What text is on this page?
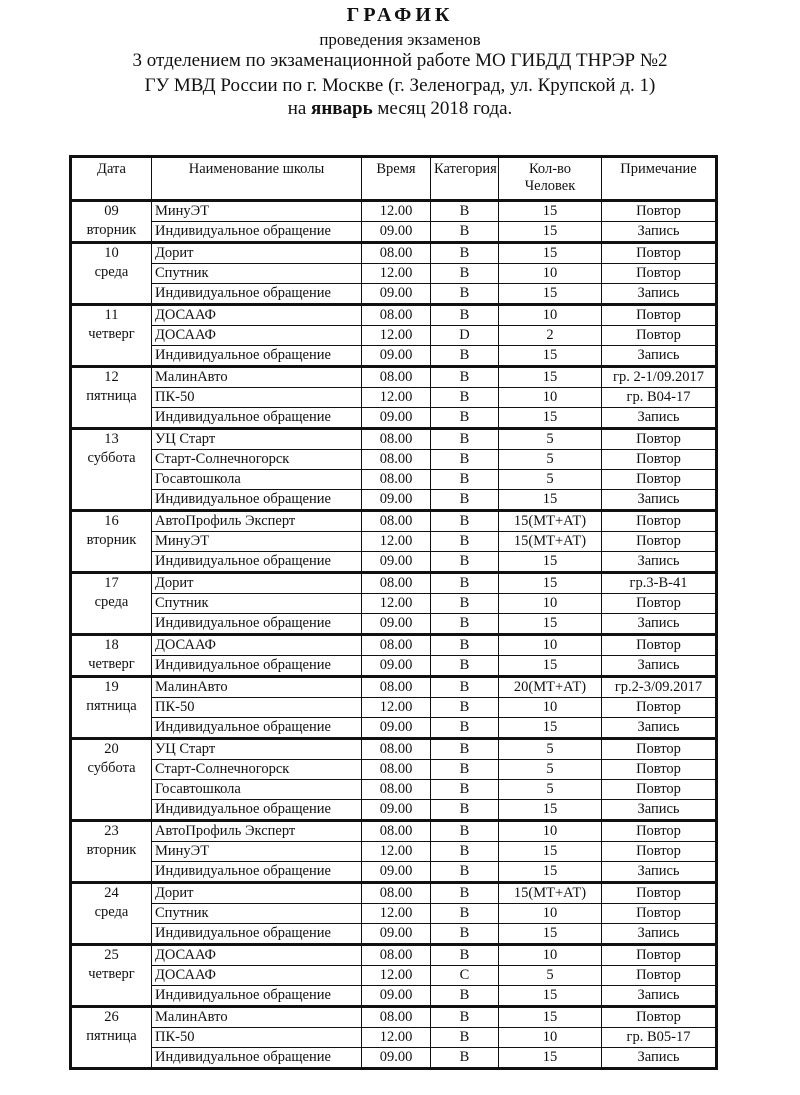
ГРАФИК
проведения экзаменов
3 отделением по экзаменационной работе МО ГИБДД ТНРЭР №2
ГУ МВД России по г. Москве (г. Зеленоград, ул. Крупской д. 1)
на январь месяц 2018 года.
Дата	Наименование школы	Время	Категория	Кол-во Человек	Примечание

09
вторник	МинуЭТ	12.00	В	15	Повтор
	Индивидуальное обращение	09.00	В	15	Запись

10
среда	Дорит	08.00	В	15	Повтор
	Спутник	12.00	В	10	Повтор
	Индивидуальное обращение	09.00	В	15	Запись

11
четверг	ДОСААФ	08.00	В	10	Повтор
	ДОСААФ	12.00	D	2	Повтор
	Индивидуальное обращение	09.00	В	15	Запись

12
пятница	МалинАвто	08.00	В	15	гр. 2-1/09.2017
	ПК-50	12.00	В	10	гр. В04-17
	Индивидуальное обращение	09.00	В	15	Запись

13
суббота	УЦ Старт	08.00	В	5	Повтор
	Старт-Солнечногорск	08.00	В	5	Повтор
	Госавтошкола	08.00	В	5	Повтор
	Индивидуальное обращение	09.00	В	15	Запись

16
вторник	АвтоПрофиль Эксперт	08.00	В	15(МТ+АТ)	Повтор
	МинуЭТ	12.00	В	15(МТ+АТ)	Повтор
	Индивидуальное обращение	09.00	В	15	Запись

17
среда	Дорит	08.00	В	15	гр.3-В-41
	Спутник	12.00	В	10	Повтор
	Индивидуальное обращение	09.00	В	15	Запись

18
четверг	ДОСААФ	08.00	В	10	Повтор
	Индивидуальное обращение	09.00	В	15	Запись

19
пятница	МалинАвто	08.00	В	20(МТ+АТ)	гр.2-3/09.2017
	ПК-50	12.00	В	10	Повтор
	Индивидуальное обращение	09.00	В	15	Запись

20
суббота	УЦ Старт	08.00	В	5	Повтор
	Старт-Солнечногорск	08.00	В	5	Повтор
	Госавтошкола	08.00	В	5	Повтор
	Индивидуальное обращение	09.00	В	15	Запись

23
вторник	АвтоПрофиль Эксперт	08.00	В	10	Повтор
	МинуЭТ	12.00	В	15	Повтор
	Индивидуальное обращение	09.00	В	15	Запись

24
среда	Дорит	08.00	В	15(МТ+АТ)	Повтор
	Спутник	12.00	В	10	Повтор
	Индивидуальное обращение	09.00	В	15	Запись

25
четверг	ДОСААФ	08.00	В	10	Повтор
	ДОСААФ	12.00	С	5	Повтор
	Индивидуальное обращение	09.00	В	15	Запись

26
пятница	МалинАвто	08.00	В	15	Повтор
	ПК-50	12.00	В	10	гр. В05-17
	Индивидуальное обращение	09.00	В	15	Запись
